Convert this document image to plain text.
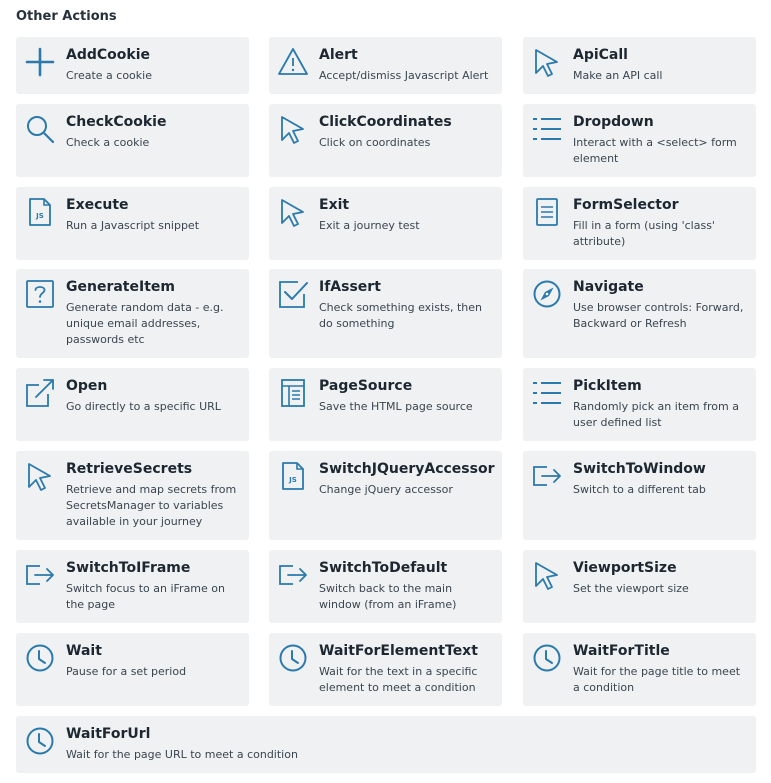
Other Actions
AddCookie
Create a cookie
Alert
Accept/dismiss Javascript Alert
ApiCall
Make an API call
CheckCookie
Check a cookie
ClickCoordinates
Click on coordinates
Dropdown
Interact with a <select> form element
JS
Execute
Run a Javascript snippet
Exit
Exit a journey test
FormSelector
Fill in a form (using 'class' attribute)
GenerateItem
Generate random data - e.g. unique email addresses, passwords etc
IfAssert
Check something exists, then do something
Navigate
Use browser controls: Forward, Backward or Refresh
Open
Go directly to a specific URL
PageSource
Save the HTML page source
PickItem
Randomly pick an item from a user defined list
RetrieveSecrets
Retrieve and map secrets from SecretsManager to variables available in your journey
JS
SwitchJQueryAccessor
Change jQuery accessor
SwitchToWindow
Switch to a different tab
SwitchToIFrame
Switch focus to an iFrame on the page
SwitchToDefault
Switch back to the main window (from an iFrame)
ViewportSize
Set the viewport size
Wait
Pause for a set period
WaitForElementText
Wait for the text in a specific element to meet a condition
WaitForTitle
Wait for the page title to meet a condition
WaitForUrl
Wait for the page URL to meet a condition
